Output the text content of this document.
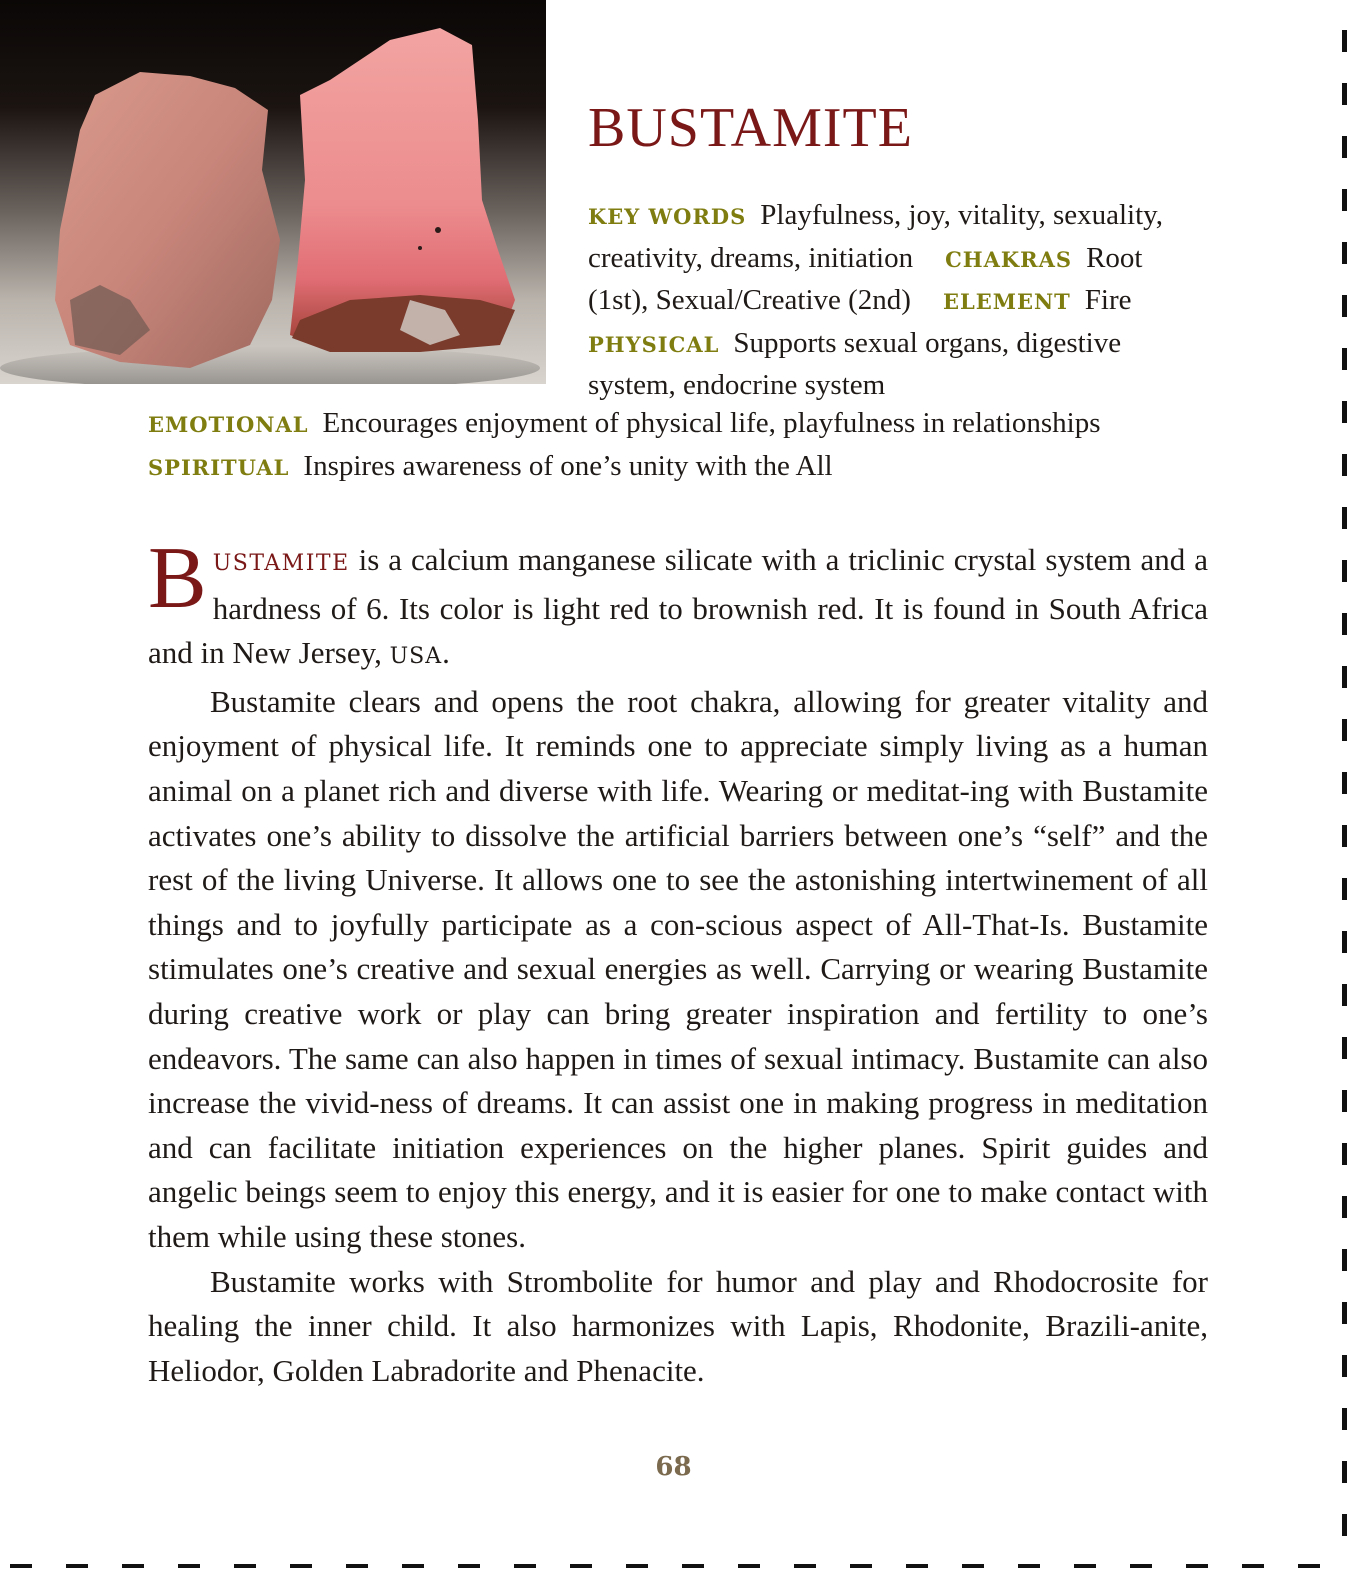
BUSTAMITE
KEY WORDS Playfulness, joy, vitality, sexuality, creativity, dreams, initiation CHAKRAS Root (1st), Sexual/Creative (2nd) ELEMENT Fire
PHYSICAL Supports sexual organs, digestive system, endocrine system
EMOTIONAL Encourages enjoyment of physical life, playfulness in relationshipsSPIRITUAL Inspires awareness of one’s unity with the All

BUSTAMITE is a calcium manganese silicate with a triclinic crystal system and a hardness of 6. Its color is light red to brownish red. It is found in South Africa and in New Jersey, USA.

Bustamite clears and opens the root chakra, allowing for greater vitality and enjoyment of physical life. It reminds one to appreciate simply living as a human animal on a planet rich and diverse with life. Wearing or meditat-ing with Bustamite activates one’s ability to dissolve the artificial barriers between one’s “self” and the rest of the living Universe. It allows one to see the astonishing intertwinement of all things and to joyfully participate as a con-scious aspect of All-That-Is. Bustamite stimulates one’s creative and sexual energies as well. Carrying or wearing Bustamite during creative work or play can bring greater inspiration and fertility to one’s endeavors. The same can also happen in times of sexual intimacy. Bustamite can also increase the vivid-ness of dreams. It can assist one in making progress in meditation and can facilitate initiation experiences on the higher planes. Spirit guides and angelic beings seem to enjoy this energy, and it is easier for one to make contact with them while using these stones.

Bustamite works with Strombolite for humor and play and Rhodocrosite for healing the inner child. It also harmonizes with Lapis, Rhodonite, Brazili-anite, Heliodor, Golden Labradorite and Phenacite.

68
